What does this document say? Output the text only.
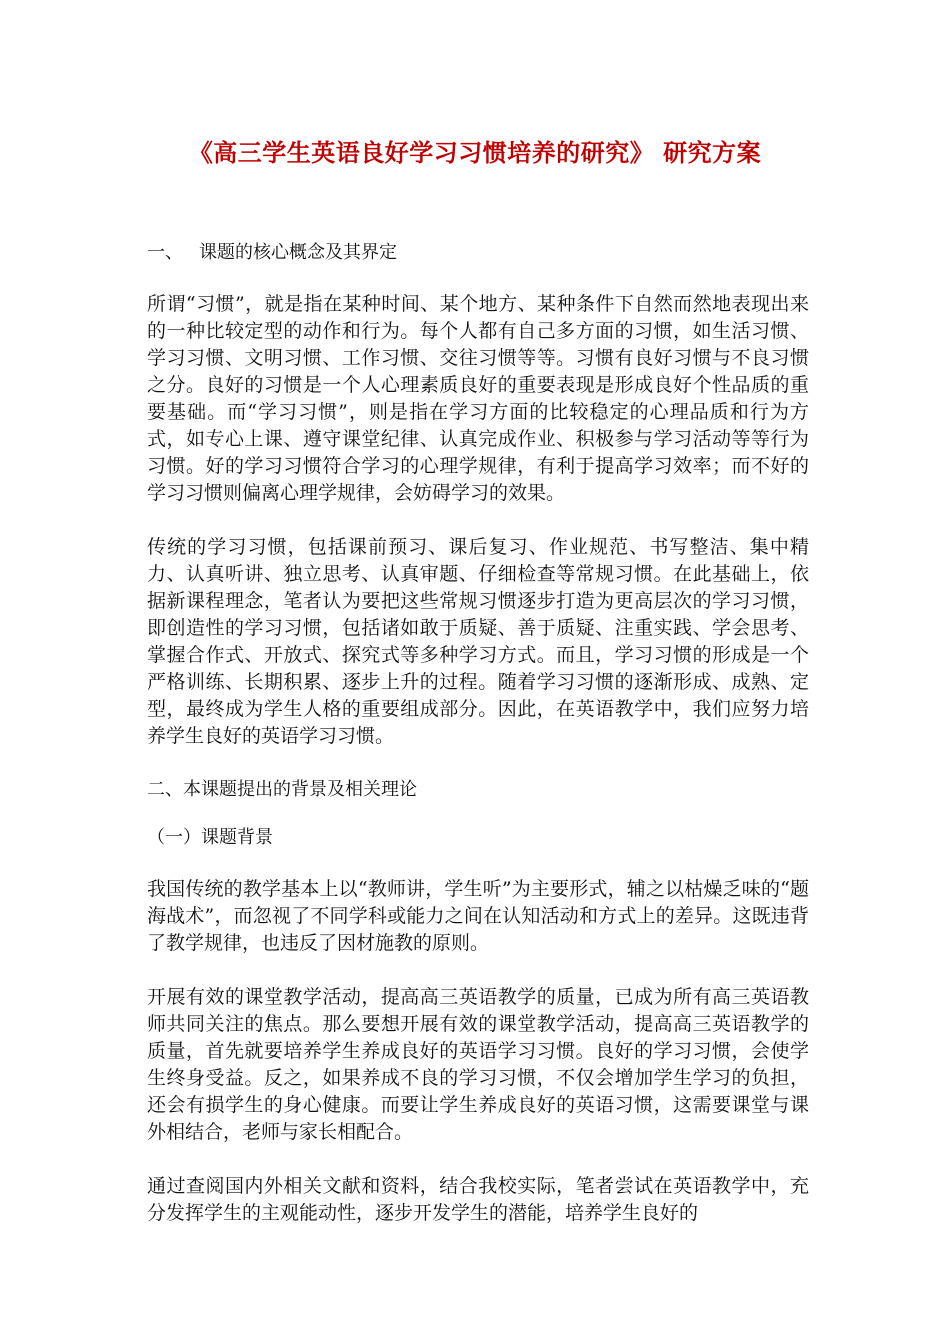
《高三学生英语良好学习习惯培养的研究》 研究方案

一、 课题的核心概念及其界定

所谓“习惯”，就是指在某种时间、某个地方、某种条件下自然而然地表现出来的一种比较定型的动作和行为。每个人都有自己多方面的习惯，如生活习惯、学习习惯、文明习惯、工作习惯、交往习惯等等。习惯有良好习惯与不良习惯之分。良好的习惯是一个人心理素质良好的重要表现是形成良好个性品质的重要基础。而“学习习惯”，则是指在学习方面的比较稳定的心理品质和行为方式，如专心上课、遵守课堂纪律、认真完成作业、积极参与学习活动等等行为习惯。好的学习习惯符合学习的心理学规律，有利于提高学习效率；而不好的学习习惯则偏离心理学规律，会妨碍学习的效果。

传统的学习习惯，包括课前预习、课后复习、作业规范、书写整洁、集中精力、认真听讲、独立思考、认真审题、仔细检查等常规习惯。在此基础上，依据新课程理念，笔者认为要把这些常规习惯逐步打造为更高层次的学习习惯，即创造性的学习习惯，包括诸如敢于质疑、善于质疑、注重实践、学会思考、掌握合作式、开放式、探究式等多种学习方式。而且，学习习惯的形成是一个严格训练、长期积累、逐步上升的过程。随着学习习惯的逐渐形成、成熟、定型，最终成为学生人格的重要组成部分。因此，在英语教学中，我们应努力培养学生良好的英语学习习惯。

二、本课题提出的背景及相关理论

（一）课题背景

我国传统的教学基本上以“教师讲，学生听”为主要形式，辅之以枯燥乏味的“题海战术”，而忽视了不同学科或能力之间在认知活动和方式上的差异。这既违背了教学规律，也违反了因材施教的原则。

开展有效的课堂教学活动，提高高三英语教学的质量，已成为所有高三英语教师共同关注的焦点。那么要想开展有效的课堂教学活动，提高高三英语教学的质量，首先就要培养学生养成良好的英语学习习惯。良好的学习习惯，会使学生终身受益。反之，如果养成不良的学习习惯，不仅会增加学生学习的负担，还会有损学生的身心健康。而要让学生养成良好的英语习惯，这需要课堂与课外相结合，老师与家长相配合。

通过查阅国内外相关文献和资料，结合我校实际，笔者尝试在英语教学中，充分发挥学生的主观能动性，逐步开发学生的潜能，培养学生良好的
